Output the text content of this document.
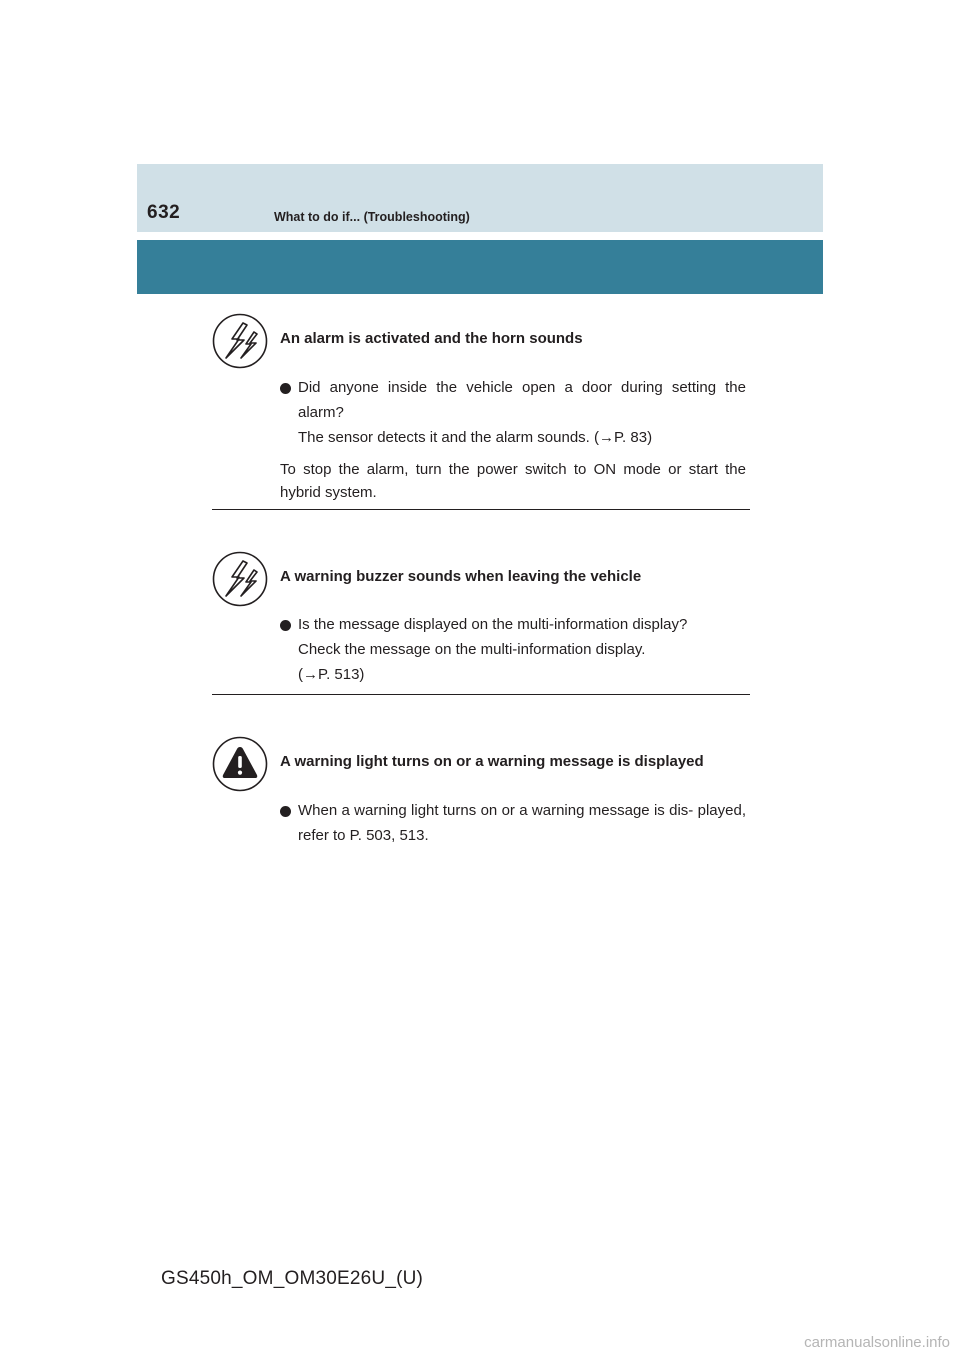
632	What to do if... (Troubleshooting)
An alarm is activated and the horn sounds
Did anyone inside the vehicle open a door during setting the alarm?
The sensor detects it and the alarm sounds. (→P. 83)
To stop the alarm, turn the power switch to ON mode or start the hybrid system.
A warning buzzer sounds when leaving the vehicle
Is the message displayed on the multi-information display?
Check the message on the multi-information display.
(→P. 513)
A warning light turns on or a warning message is displayed
When a warning light turns on or a warning message is dis- played, refer to P. 503, 513.
GS450h_OM_OM30E26U_(U)
carmanualsonline.info
